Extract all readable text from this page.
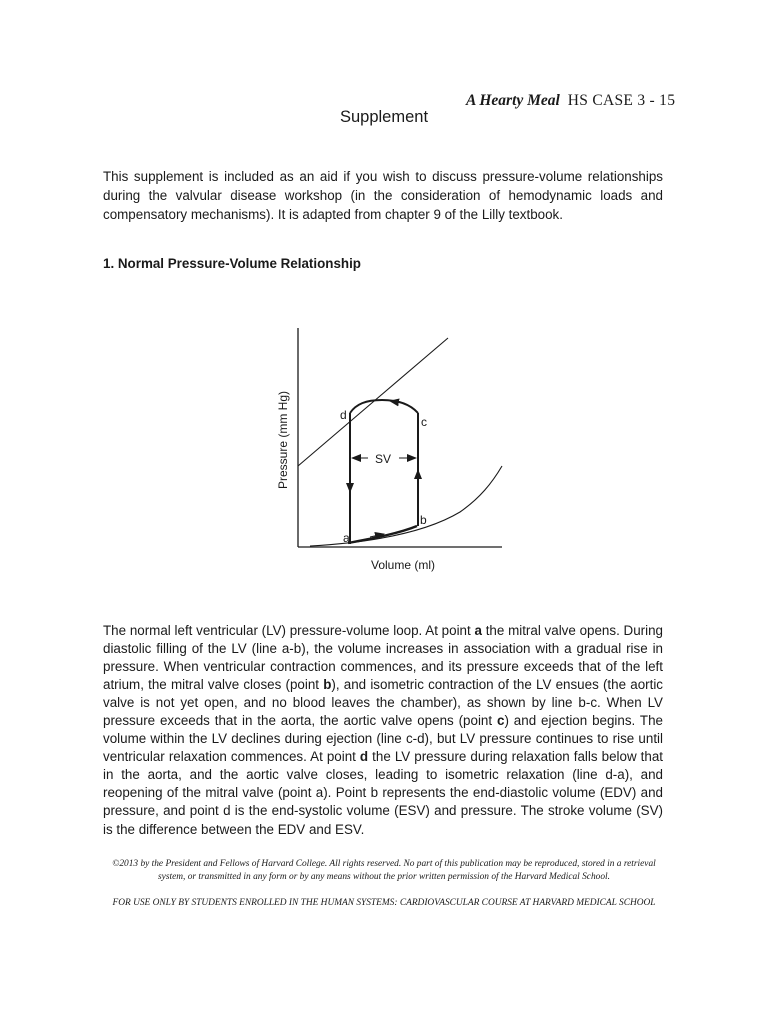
A Hearty Meal HS CASE 3 - 15
Supplement
This supplement is included as an aid if you wish to discuss pressure-volume relationships during the valvular disease workshop (in the consideration of hemodynamic loads and compensatory mechanisms). It is adapted from chapter 9 of the Lilly textbook.
1. Normal Pressure-Volume Relationship
SV
a
b
c
d
Pressure (mm Hg)
Volume (ml)
The normal left ventricular (LV) pressure-volume loop. At point a the mitral valve opens. During diastolic filling of the LV (line a-b), the volume increases in association with a gradual rise in pressure. When ventricular contraction commences, and its pressure exceeds that of the left atrium, the mitral valve closes (point b), and isometric contraction of the LV ensues (the aortic valve is not yet open, and no blood leaves the chamber), as shown by line b-c. When LV pressure exceeds that in the aorta, the aortic valve opens (point c) and ejection begins. The volume within the LV declines during ejection (line c-d), but LV pressure continues to rise until ventricular relaxation commences. At point d the LV pressure during relaxation falls below that in the aorta, and the aortic valve closes, leading to isometric relaxation (line d-a), and reopening of the mitral valve (point a). Point b represents the end-diastolic volume (EDV) and pressure, and point d is the end-systolic volume (ESV) and pressure. The stroke volume (SV) is the difference between the EDV and ESV.
©2013 by the President and Fellows of Harvard College. All rights reserved. No part of this publication may be reproduced, stored in a retrieval system, or transmitted in any form or by any means without the prior written permission of the Harvard Medical School.
FOR USE ONLY BY STUDENTS ENROLLED IN THE HUMAN SYSTEMS: CARDIOVASCULAR COURSE AT HARVARD MEDICAL SCHOOL
